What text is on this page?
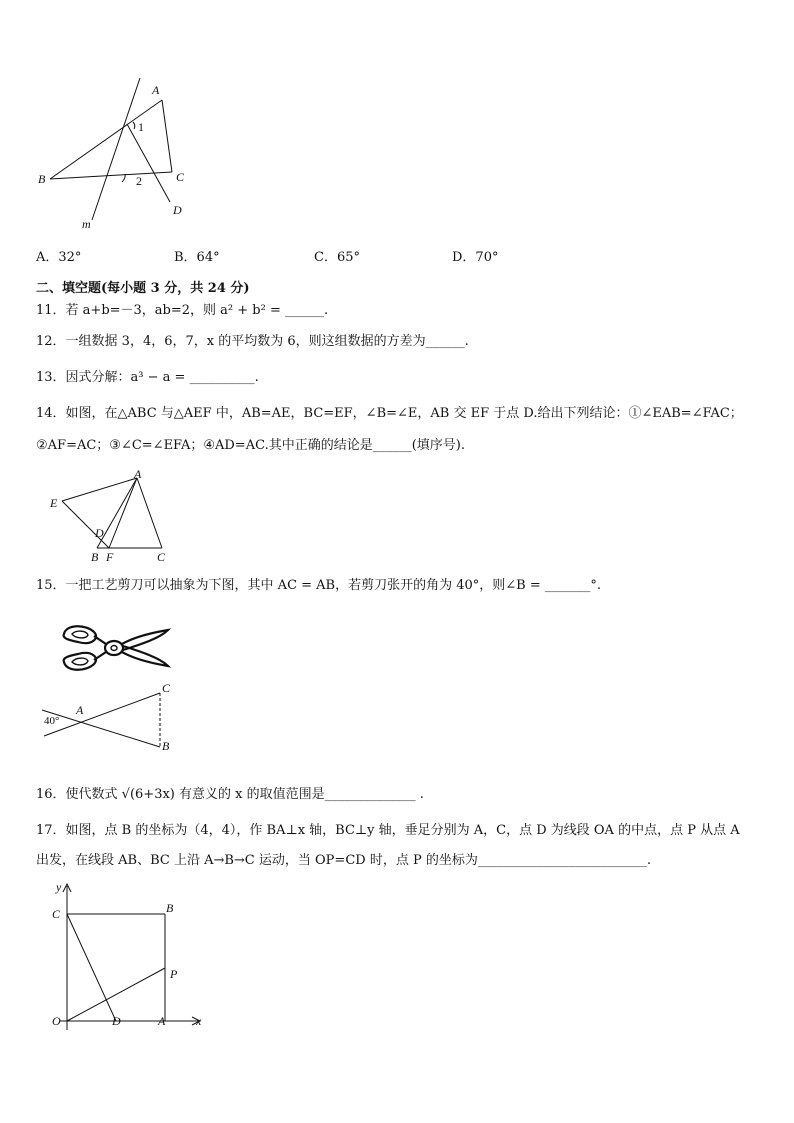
A
1
B	C
2
D
m
A．32°	B．64°	C．65°	D．70°
二、填空题(每小题 3 分，共 24 分)
11．若 a+b=－3，ab=2，则 a² + b² = ______.
12．一组数据 3，4，6，7，x 的平均数为 6，则这组数据的方差为______.
13．因式分解：a³ − a = __________.
14．如图，在△ABC 与△AEF 中，AB=AE，BC=EF，∠B=∠E，AB 交 EF 于点 D.给出下列结论：①∠EAB=∠FAC；
②AF=AC；③∠C=∠EFA；④AD=AC.其中正确的结论是______(填序号).
A
E
D
B F	C
15．一把工艺剪刀可以抽象为下图，其中 AC = AB，若剪刀张开的角为 40°，则∠B = _______°.
C
A
B
40°
16．使代数式 √(6+3x) 有意义的 x 的取值范围是______________ .
17．如图，点 B 的坐标为（4，4），作 BA⊥x 轴，BC⊥y 轴，垂足分别为 A，C，点 D 为线段 OA 的中点，点 P 从点 A
出发，在线段 AB、BC 上沿 A→B→C 运动，当 OP=CD 时，点 P 的坐标为__________________________.
y
x
C	B
P
O	D	A
